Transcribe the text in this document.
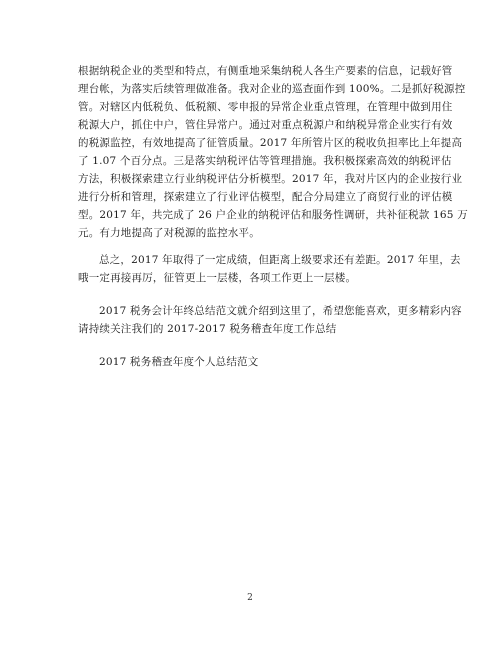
根据纳税企业的类型和特点，有侧重地采集纳税人各生产要素的信息，记载好管
理台帐，为落实后续管理做准备。我对企业的巡查面作到 100%。二是抓好税源控
管。对辖区内低税负、低税额、零申报的异常企业重点管理，在管理中做到用住
税源大户，抓住中户，管住异常户。通过对重点税源户和纳税异常企业实行有效
的税源监控，有效地提高了征管质量。2017 年所管片区的税收负担率比上年提高
了 1.07 个百分点。三是落实纳税评估等管理措施。我积极探索高效的纳税评估
方法，积极探索建立行业纳税评估分析模型。2017 年，我对片区内的企业按行业
进行分析和管理，探索建立了行业评估模型，配合分局建立了商贸行业的评估模
型。2017 年，共完成了 26 户企业的纳税评估和服务性调研，共补征税款 165 万
元。有力地提高了对税源的监控水平。
总之，2017 年取得了一定成绩，但距离上级要求还有差距。2017 年里，去
哦一定再接再厉，征管更上一层楼，各项工作更上一层楼。
2017 税务会计年终总结范文就介绍到这里了，希望您能喜欢，更多精彩内容
请持续关注我们的 2017-2017 税务稽查年度工作总结
2017 税务稽查年度个人总结范文
2
